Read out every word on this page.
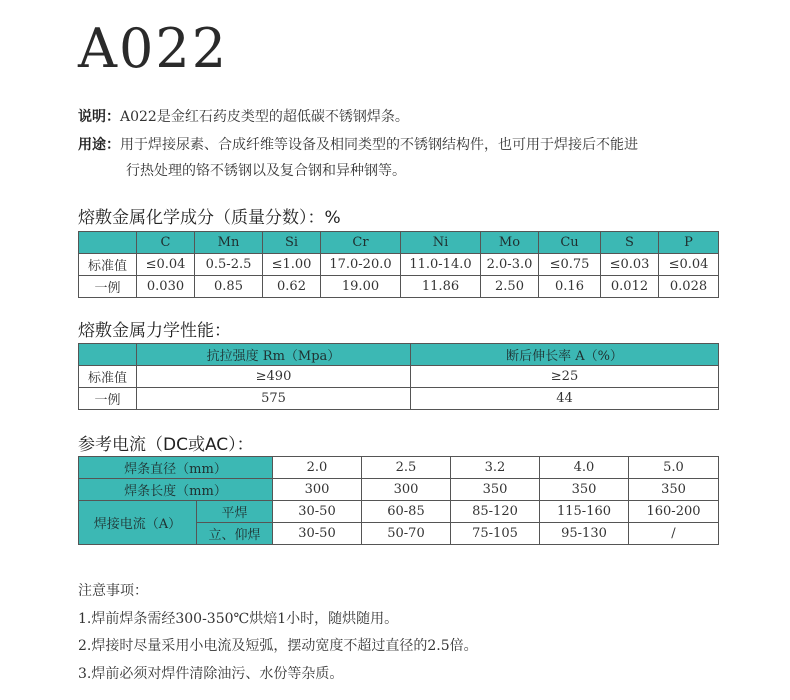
A022
说明：A022是金红石药皮类型的超低碳不锈钢焊条。
用途：用于焊接尿素、合成纤维等设备及相同类型的不锈钢结构件，也可用于焊接后不能进
行热处理的铬不锈钢以及复合钢和异种钢等。
熔敷金属化学成分（质量分数）：%
	C	Mn	Si	Cr	Ni	Mo	Cu	S	P
标准值	≤0.04	0.5-2.5	≤1.00	17.0-20.0	11.0-14.0	2.0-3.0	≤0.75	≤0.03	≤0.04
一例	0.030	0.85	0.62	19.00	11.86	2.50	0.16	0.012	0.028
熔敷金属力学性能：
	抗拉强度 Rm（Mpa）	断后伸长率 A（%）
标准值	≥490	≥25
一例	575	44
参考电流（DC或AC）：
焊条直径（mm）		2.0	2.5	3.2	4.0	5.0
焊条长度（mm）		300	300	350	350	350
焊接电流（A）	平焊	30-50	60-85	85-120	115-160	160-200
	立、仰焊	30-50	50-70	75-105	95-130	/
注意事项：
1.焊前焊条需经300-350℃烘焙1小时，随烘随用。
2.焊接时尽量采用小电流及短弧，摆动宽度不超过直径的2.5倍。
3.焊前必须对焊件清除油污、水份等杂质。
